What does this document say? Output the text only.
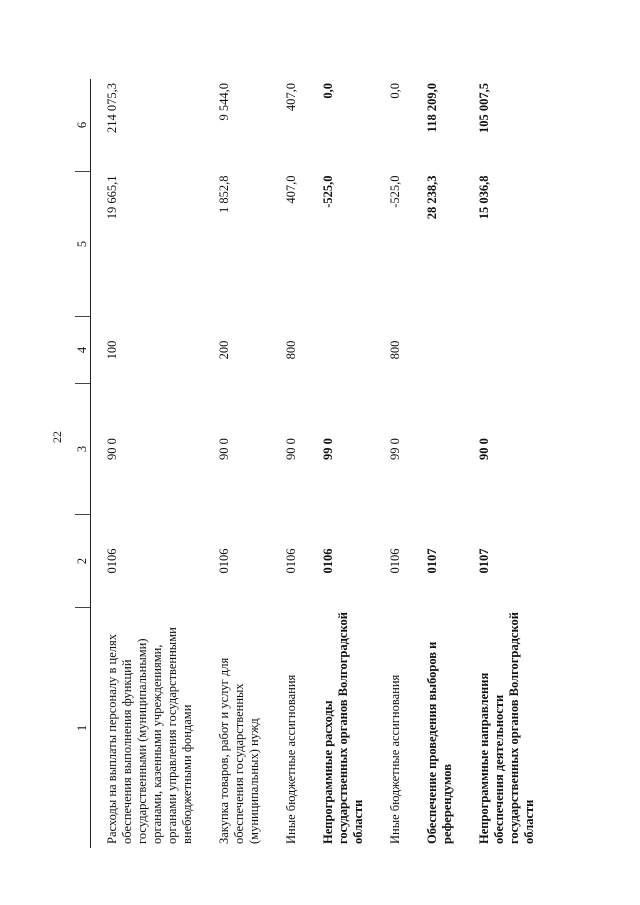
22
1	2	3	4	5	6
Расходы на выплаты персоналу в целях обеспечения выполнения функций государственными (муниципальными) органами, казенными учреждениями, органами управления государственными внебюджетными фондами	0106	90 0	100	19 665,1	214 075,3
Закупка товаров, работ и услуг для обеспечения государственных (муниципальных) нужд	0106	90 0	200	1 852,8	9 544,0
Иные бюджетные ассигнования	0106	90 0	800	407,0	407,0
Непрограммные расходы государственных органов Волгоградской области	0106	99 0		-525,0	0,0
Иные бюджетные ассигнования	0106	99 0	800	-525,0	0,0
Обеспечение проведения выборов и референдумов	0107			28 238,3	118 209,0
Непрограммные направления обеспечения деятельности государственных органов Волгоградской области	0107	90 0		15 036,8	105 007,5
